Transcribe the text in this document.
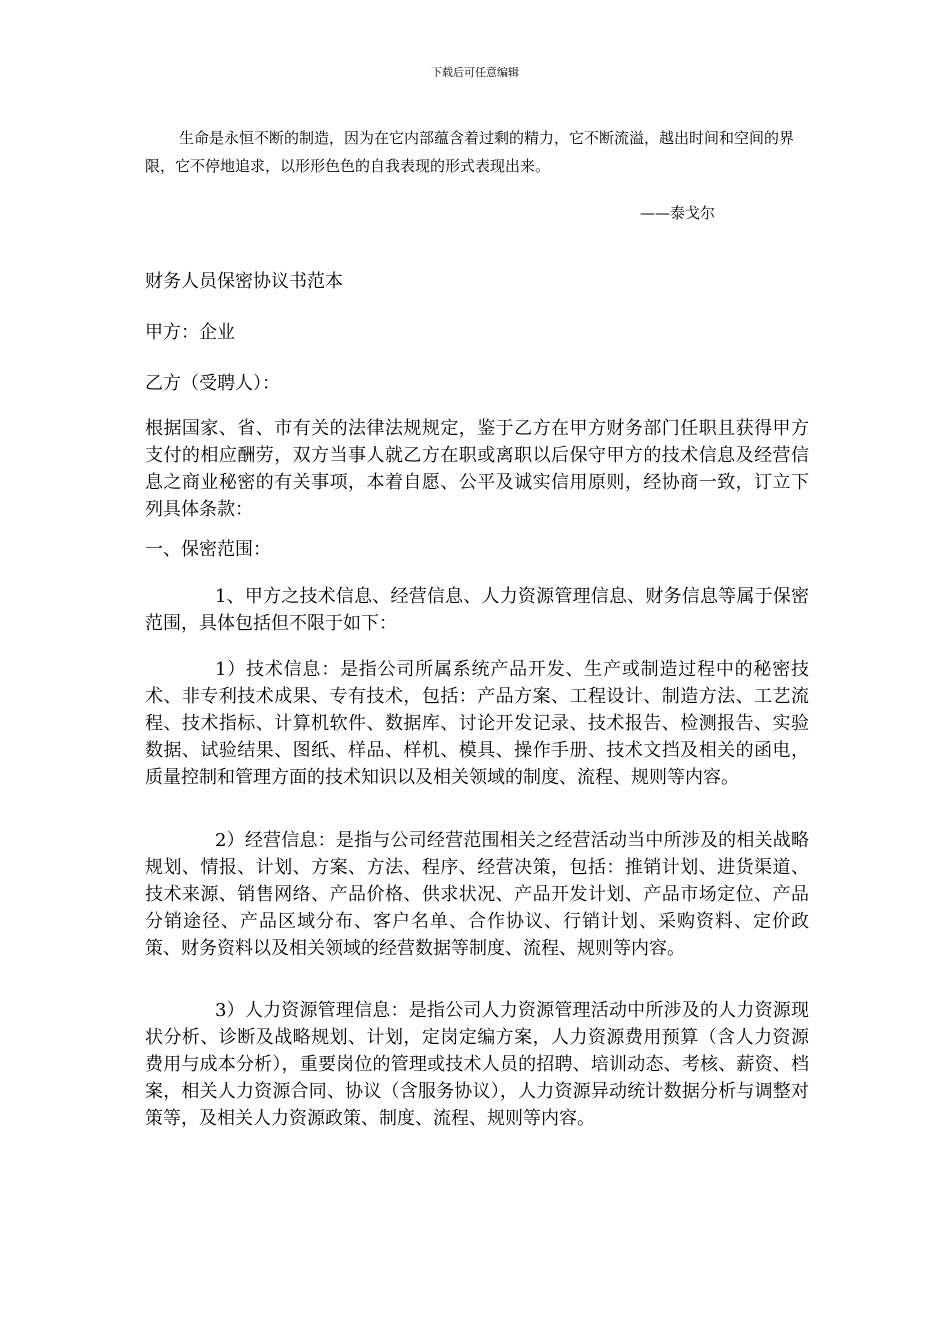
下载后可任意编辑
生命是永恒不断的制造，因为在它内部蕴含着过剩的精力，它不断流溢，越出时间和空间的界限，它不停地追求，以形形色色的自我表现的形式表现出来。
——泰戈尔
财务人员保密协议书范本
甲方：企业
乙方（受聘人）：
根据国家、省、市有关的法律法规规定，鉴于乙方在甲方财务部门任职且获得甲方支付的相应酬劳，双方当事人就乙方在职或离职以后保守甲方的技术信息及经营信息之商业秘密的有关事项，本着自愿、公平及诚实信用原则，经协商一致，订立下列具体条款：
一、保密范围：
1、甲方之技术信息、经营信息、人力资源管理信息、财务信息等属于保密范围，具体包括但不限于如下：
1）技术信息：是指公司所属系统产品开发、生产或制造过程中的秘密技术、非专利技术成果、专有技术，包括：产品方案、工程设计、制造方法、工艺流程、技术指标、计算机软件、数据库、讨论开发记录、技术报告、检测报告、实验数据、试验结果、图纸、样品、样机、模具、操作手册、技术文挡及相关的函电，质量控制和管理方面的技术知识以及相关领域的制度、流程、规则等内容。
2）经营信息：是指与公司经营范围相关之经营活动当中所涉及的相关战略规划、情报、计划、方案、方法、程序、经营决策，包括：推销计划、进货渠道、技术来源、销售网络、产品价格、供求状况、产品开发计划、产品市场定位、产品分销途径、产品区域分布、客户名单、合作协议、行销计划、采购资料、定价政策、财务资料以及相关领域的经营数据等制度、流程、规则等内容。
3）人力资源管理信息：是指公司人力资源管理活动中所涉及的人力资源现状分析、诊断及战略规划、计划，定岗定编方案，人力资源费用预算（含人力资源费用与成本分析），重要岗位的管理或技术人员的招聘、培训动态、考核、薪资、档案，相关人力资源合同、协议（含服务协议），人力资源异动统计数据分析与调整对策等，及相关人力资源政策、制度、流程、规则等内容。
